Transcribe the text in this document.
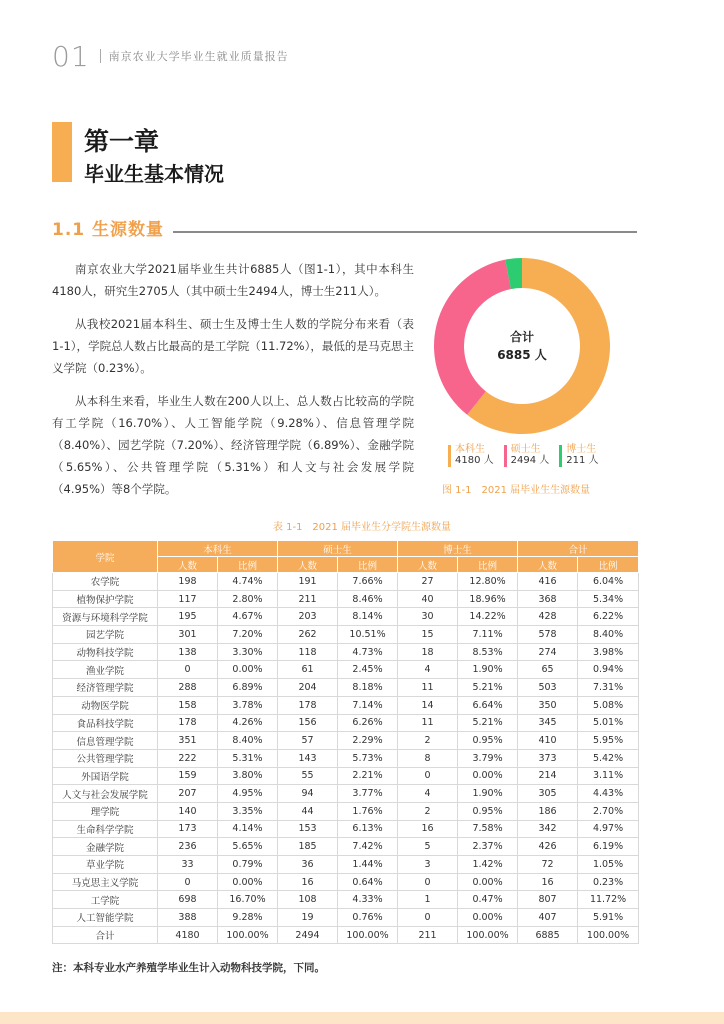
01 南京农业大学毕业生就业质量报告
第一章
毕业生基本情况
1.1 生源数量

南京农业大学2021届毕业生共计6885人（图1-1），其中本科生4180人，研究生2705人（其中硕士生2494人，博士生211人）。

从我校2021届本科生、硕士生及博士生人数的学院分布来看（表1-1），学院总人数占比最高的是工学院（11.72%），最低的是马克思主义学院（0.23%）。

从本科生来看，毕业生人数在200人以上、总人数占比较高的学院有工学院（16.70%）、人工智能学院（9.28%）、信息管理学院（8.40%）、园艺学院（7.20%）、经济管理学院（6.89%）、金融学院（5.65%）、公共管理学院（5.31%）和人文与社会发展学院（4.95%）等8个学院。

合计
6885 人
本科生
4180 人
硕士生
2494 人
博士生
211 人
图 1-1　2021 届毕业生生源数量
表 1-1　2021 届毕业生分学院生源数量
学院	本科生		硕士生		博士生		合计	
	人数	比例	人数	比例	人数	比例	人数	比例
农学院	198	4.74%	191	7.66%	27	12.80%	416	6.04%
植物保护学院	117	2.80%	211	8.46%	40	18.96%	368	5.34%
资源与环境科学学院	195	4.67%	203	8.14%	30	14.22%	428	6.22%
园艺学院	301	7.20%	262	10.51%	15	7.11%	578	8.40%
动物科技学院	138	3.30%	118	4.73%	18	8.53%	274	3.98%
渔业学院	0	0.00%	61	2.45%	4	1.90%	65	0.94%
经济管理学院	288	6.89%	204	8.18%	11	5.21%	503	7.31%
动物医学院	158	3.78%	178	7.14%	14	6.64%	350	5.08%
食品科技学院	178	4.26%	156	6.26%	11	5.21%	345	5.01%
信息管理学院	351	8.40%	57	2.29%	2	0.95%	410	5.95%
公共管理学院	222	5.31%	143	5.73%	8	3.79%	373	5.42%
外国语学院	159	3.80%	55	2.21%	0	0.00%	214	3.11%
人文与社会发展学院	207	4.95%	94	3.77%	4	1.90%	305	4.43%
理学院	140	3.35%	44	1.76%	2	0.95%	186	2.70%
生命科学学院	173	4.14%	153	6.13%	16	7.58%	342	4.97%
金融学院	236	5.65%	185	7.42%	5	2.37%	426	6.19%
草业学院	33	0.79%	36	1.44%	3	1.42%	72	1.05%
马克思主义学院	0	0.00%	16	0.64%	0	0.00%	16	0.23%
工学院	698	16.70%	108	4.33%	1	0.47%	807	11.72%
人工智能学院	388	9.28%	19	0.76%	0	0.00%	407	5.91%
合计	4180	100.00%	2494	100.00%	211	100.00%	6885	100.00%
注：本科专业水产养殖学毕业生计入动物科技学院，下同。
